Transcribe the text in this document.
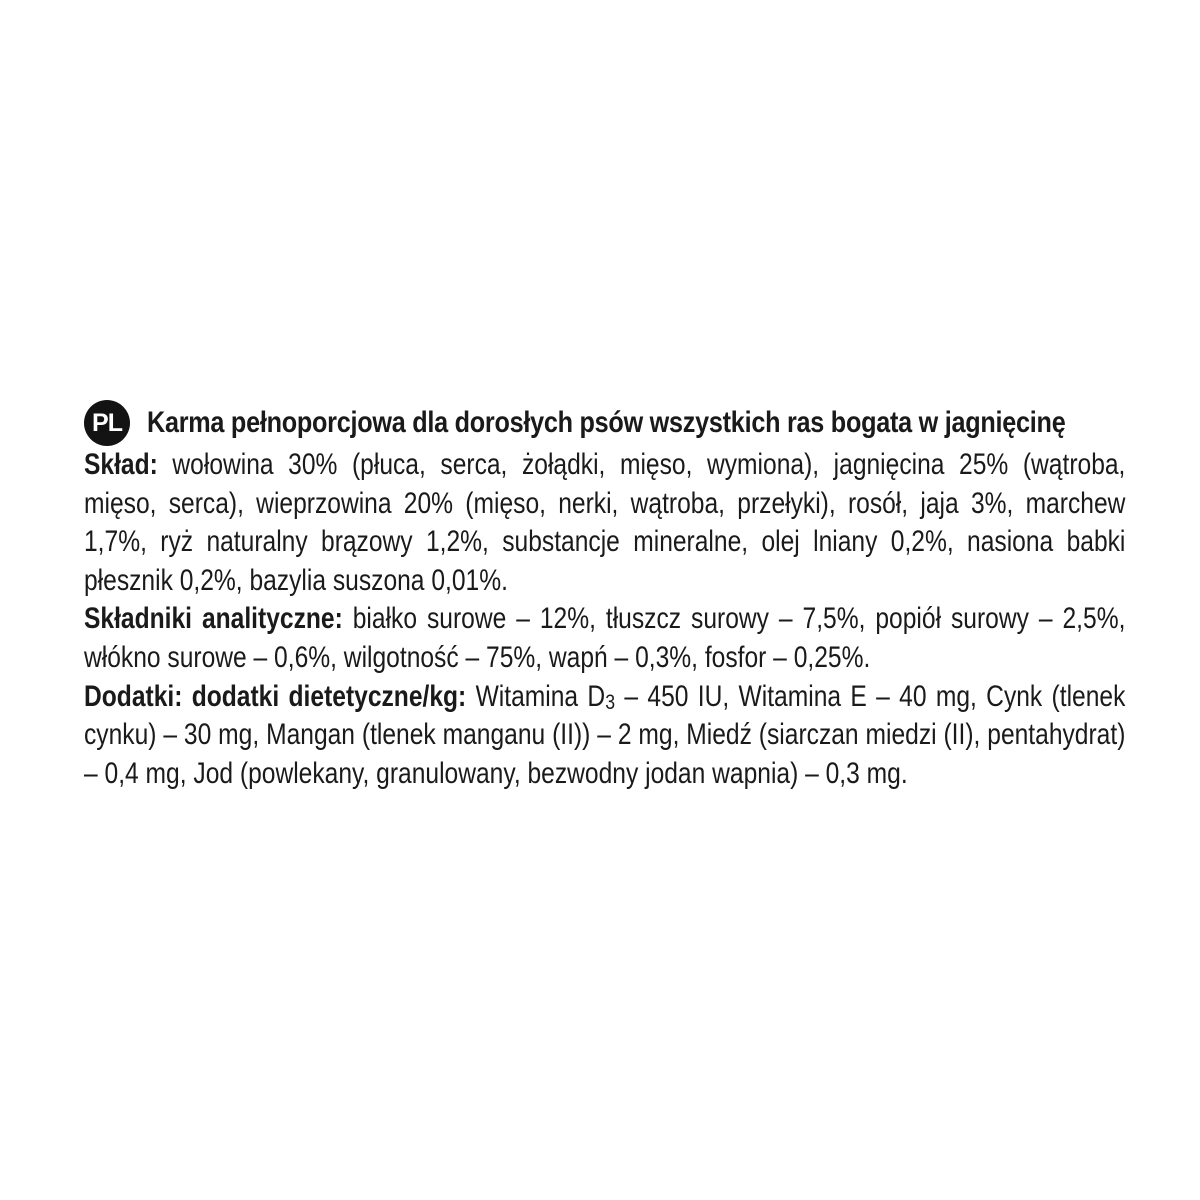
PL Karma pełnoporcjowa dla dorosłych psów wszystkich ras bogata w jagnięcinę

Skład: wołowina 30% (płuca, serca, żołądki, mięso, wymiona), jagnięcina 25% (wątroba, mięso, serca), wieprzowina 20% (mięso, nerki, wątroba, przełyki), rosół, jaja 3%, marchew 1,7%, ryż naturalny brązowy 1,2%, substancje mineralne, olej lniany 0,2%, nasiona babki płesznik 0,2%, bazylia suszona 0,01%.

Składniki analityczne: białko surowe – 12%, tłuszcz surowy – 7,5%, popiół surowy – 2,5%, włókno surowe – 0,6%, wilgotność – 75%, wapń – 0,3%, fosfor – 0,25%.

Dodatki: dodatki dietetyczne/kg: Witamina D3 – 450 IU, Witamina E – 40 mg, Cynk (tlenek cynku) – 30 mg, Mangan (tlenek manganu (II)) – 2 mg, Miedź (siarczan miedzi (II), pentahydrat) – 0,4 mg, Jod (powlekany, granulowany, bezwodny jodan wapnia) – 0,3 mg.
